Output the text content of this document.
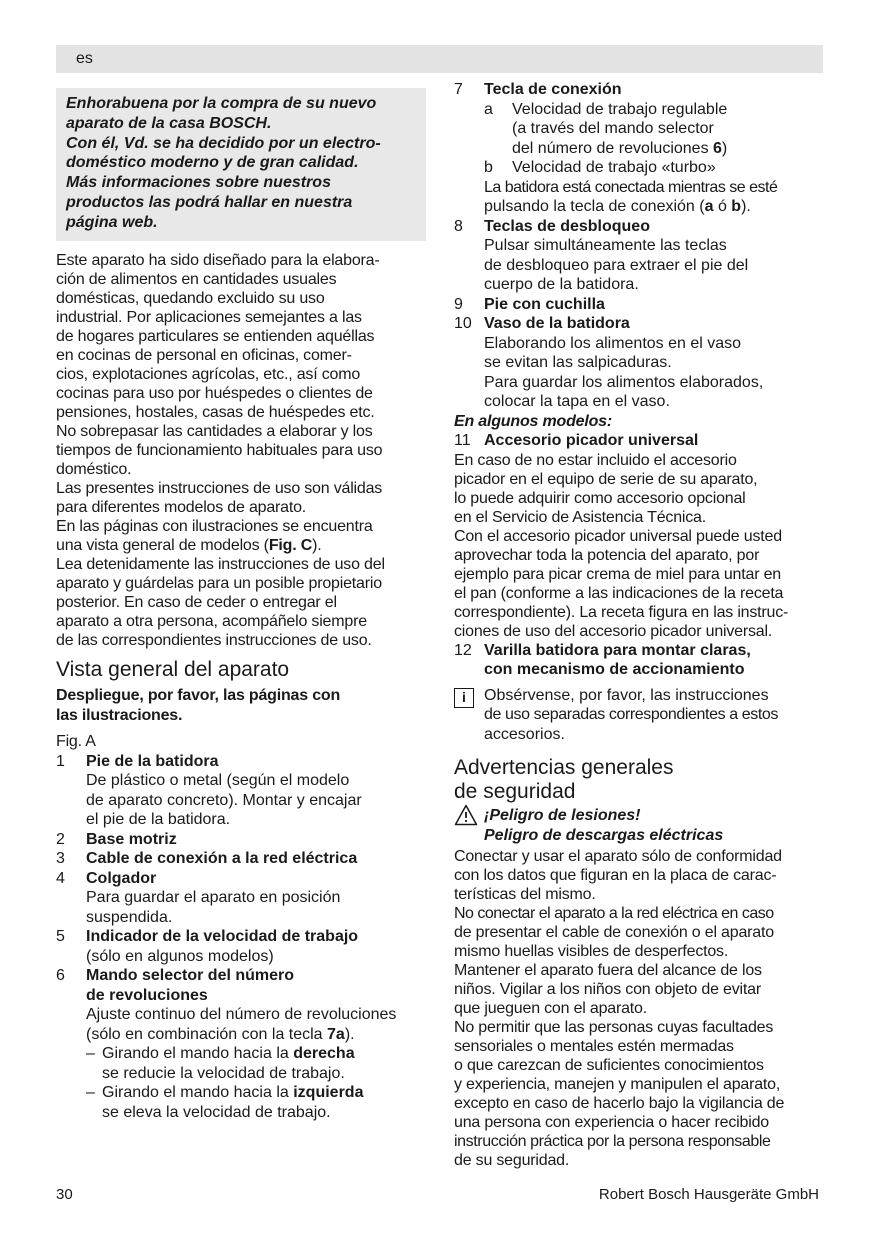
es

Enhorabuena por la compra de su nuevo

aparato de la casa BOSCH.

Con él, Vd. se ha decidido por un electro-

doméstico moderno y de gran calidad.

Más informaciones sobre nuestros

productos las podrá hallar en nuestra

página web.

Este aparato ha sido diseñado para la elabora-

ción de alimentos en cantidades usuales

domésticas, quedando excluido su uso

industrial. Por aplicaciones semejantes a las

de hogares particulares se entienden aquéllas

en cocinas de personal en oficinas, comer-

cios, explotaciones agrícolas, etc., así como

cocinas para uso por huéspedes o clientes de

pensiones, hostales, casas de huéspedes etc.

No sobrepasar las cantidades a elaborar y los

tiempos de funcionamiento habituales para uso

doméstico.

Las presentes instrucciones de uso son válidas

para diferentes modelos de aparato.

En las páginas con ilustraciones se encuentra

una vista general de modelos (Fig. C).

Lea detenidamente las instrucciones de uso del

aparato y guárdelas para un posible propietario

posterior. En caso de ceder o entregar el

aparato a otra persona, acompáñelo siempre

de las correspondientes instrucciones de uso.

Vista general del aparato

Despliegue, por favor, las páginas con

las ilustraciones.

Fig. A

1	Pie de la batidora
De plástico o metal (según el modelo
de aparato concreto). Montar y encajar
el pie de la batidora.
2	Base motriz
3	Cable de conexión a la red eléctrica
4	Colgador
Para guardar el aparato en posición
suspendida.
5	Indicador de la velocidad de trabajo
(sólo en algunos modelos)
6	Mando selector del número
de revoluciones
Ajuste continuo del número de revoluciones
(sólo en combinación con la tecla 7a).
– Girando el mando hacia la derecha
se reducie la velocidad de trabajo.
– Girando el mando hacia la izquierda
se eleva la velocidad de trabajo.
7	Tecla de conexión
a	Velocidad de trabajo regulable
(a través del mando selector
del número de revoluciones 6)
b	Velocidad de trabajo «turbo»
La batidora está conectada mientras se esté
pulsando la tecla de conexión (a ó b).
8	Teclas de desbloqueo
Pulsar simultáneamente las teclas
de desbloqueo para extraer el pie del
cuerpo de la batidora.
9	Pie con cuchilla
10 Vaso de la batidora
Elaborando los alimentos en el vaso
se evitan las salpicaduras.
Para guardar los alimentos elaborados,
colocar la tapa en el vaso.
En algunos modelos:
11 Accesorio picador universal

En caso de no estar incluido el accesorio

picador en el equipo de serie de su aparato,

lo puede adquirir como accesorio opcional

en el Servicio de Asistencia Técnica.

Con el accesorio picador universal puede usted

aprovechar toda la potencia del aparato, por

ejemplo para picar crema de miel para untar en

el pan (conforme a las indicaciones de la receta

correspondiente). La receta figura en las instruc-

ciones de uso del accesorio picador universal.

12 Varilla batidora para montar claras,
con mecanismo de accionamiento
i	Obsérvense, por favor, las instrucciones
de uso separadas correspondientes a estos
accesorios.
Advertencias generales
de seguridad
¡Peligro de lesiones!
Peligro de descargas eléctricas

Conectar y usar el aparato sólo de conformidad

con los datos que figuran en la placa de carac-

terísticas del mismo.

No conectar el aparato a la red eléctrica en caso

de presentar el cable de conexión o el aparato

mismo huellas visibles de desperfectos.

Mantener el aparato fuera del alcance de los

niños. Vigilar a los niños con objeto de evitar

que jueguen con el aparato.

No permitir que las personas cuyas facultades

sensoriales o mentales estén mermadas

o que carezcan de suficientes conocimientos

y experiencia, manejen y manipulen el aparato,

excepto en caso de hacerlo bajo la vigilancia de

una persona con experiencia o hacer recibido

instrucción práctica por la persona responsable

de su seguridad.

30	Robert Bosch Hausgeräte GmbH
